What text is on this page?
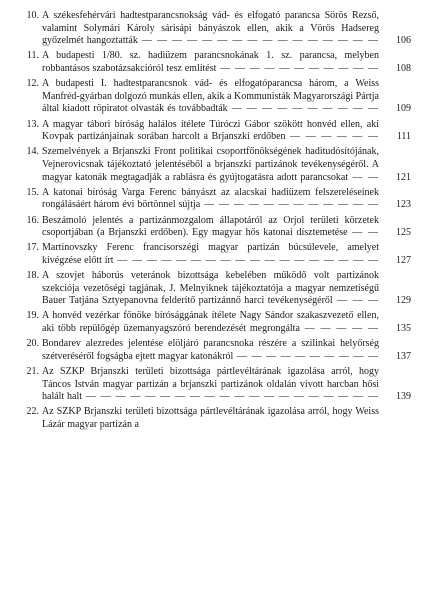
10. A székesfehérvári hadtestparancsnokság vád- és elfogató parancsa Sörös Rezső, valamint Solymári Károly sárisápi bányászok ellen, akik a Vörös Hadsereg győzelmét hangoztatták — — —	106
11. A budapesti 1/80. sz. hadiüzem parancsnokának 1. sz. parancsa, melyben robbantásos szabotázsakcióról tesz említést — — —	108
12. A budapesti I. hadtestparancsnok vád- és elfogatóparancsa három, a Weiss Manfréd-gyárban dolgozó munkás ellen, akik a Kommunisták Magyarországi Pártja által kiadott röpiratot olvasták és továbbadták — — —	109
13. A magyar tábori bíróság halálos ítélete Túróczi Gábor szökött honvéd ellen, aki Kovpak partizánjainak sorában harcolt a Brjanszki erdőben — — —	111
14. Szemelvények a Brjanszki Front politikai csoportfőnökségének haditudósítójának, Vejnerovicsnak tájékoztató jelentéséből a brjanszki partizánok tevékenységéről. A magyar katonák megtagadják a rablásra és gyújtogatásra adott parancsokat — — —	121
15. A katonai bíróság Varga Ferenc bányászt az alacskai hadiüzem felszereléseinek rongálásáért három évi börtönnel sújtja — — —	123
16. Beszámoló jelentés a partizánmozgalom állapotáról az Orjol területi körzetek csoportjában (a Brjanszki erdőben). Egy magyar hős katonai dísztemetése — — —	125
17. Martinovszky Ferenc francisorszégi magyar partizán búcsúlevele, amelyet kivégzése előtt írt — — —	127
18. A szovjet háborús veteránok bizottsága kebelében működő volt partizánok szekciója vezetőségi tagjának, J. Melnyiknek tájékoztatója a magyar nemzetiségű Bauer Tatjána Sztyepanovna felderítő partizánnő harci tevékenységéről — — —	129
19. A honvéd vezérkar főnöke bírósággának ítélete Nagy Sándor szakaszvezető ellen, aki több repülőgép üzemanyagszóró berendezését megrongálta — — —	135
20. Bondarev alezredes jelentése elöljáró parancsnoka részére a szilinkai helyőrség szétveréséről fogságba ejtett magyar katonákról — — —	137
21. Az SZKP Brjanszki területi bizottsága pártlevéltárának igazolása arról, hogy Táncos István magyar partizán a brjanszki partizánok oldalán vívott harcban hősi halált halt — — —	139
22. Az SZKP Brjanszki területi bizottsága pártlevéltárának igazolása arról, hogy Weiss Lázár magyar partizán a
